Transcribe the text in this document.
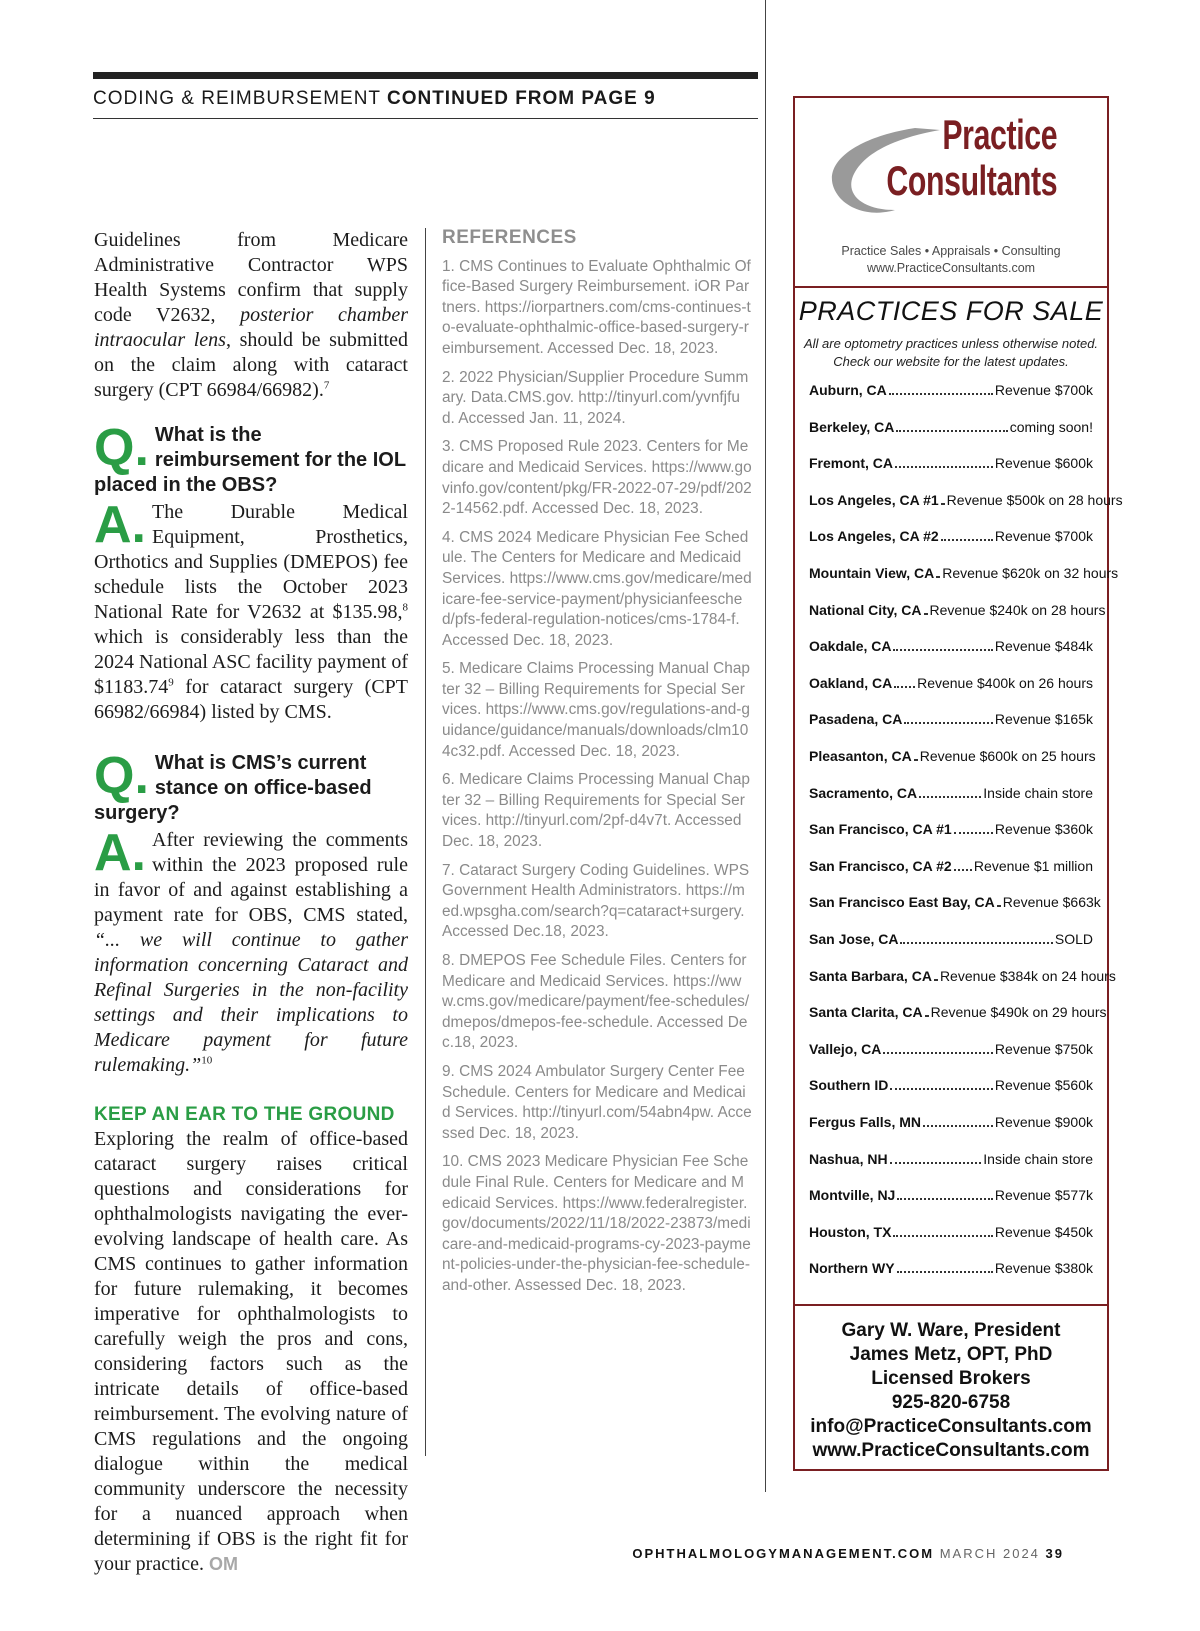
CODING & REIMBURSEMENT CONTINUED FROM PAGE 9

Guidelines from Medicare Administrative Contractor WPS Health Systems confirm that supply code V2632, posterior chamber intraocular lens, should be submitted on the claim along with cataract surgery (CPT 66984/66982).$^7$

Q. What is the reimbursement for the IOL placed in the OBS?
A. The Durable Medical Equipment, Prosthetics, Orthotics and Supplies (DMEPOS) fee schedule lists the October 2023 National Rate for V2632 at $135.98,$^8$ which is considerably less than the 2024 National ASC facility payment of $1183.74$^9$ for cataract surgery (CPT 66982/66984) listed by CMS.

Q. What is CMS’s current stance on office-based surgery?
A. After reviewing the comments within the 2023 proposed rule in favor of and against establishing a payment rate for OBS, CMS stated, “... we will continue to gather information concerning Cataract and Refinal Surgeries in the non-facility settings and their implications to Medicare payment for future rulemaking.”$^{10}$

KEEP AN EAR TO THE GROUND

Exploring the realm of office-based cataract surgery raises critical questions and considerations for ophthalmologists navigating the ever-evolving landscape of health care. As CMS continues to gather information for future rulemaking, it becomes imperative for ophthalmologists to carefully weigh the pros and cons, considering factors such as the intricate details of office-based reimbursement. The evolving nature of CMS regulations and the ongoing dialogue within the medical community underscore the necessity for a nuanced approach when determining if OBS is the right fit for your practice. OM

REFERENCES
1. CMS Continues to Evaluate Ophthalmic Office-Based Surgery Reimbursement. iOR Partners. https://iorpartners.com/cms-continues-to-evaluate-ophthalmic-office-based-surgery-reimbursement. Accessed Dec. 18, 2023.
2. 2022 Physician/Supplier Procedure Summary. Data.CMS.gov. http://tinyurl.com/yvnfjfud. Accessed Jan. 11, 2024.
3. CMS Proposed Rule 2023. Centers for Medicare and Medicaid Services. https://www.govinfo.gov/content/pkg/FR-2022-07-29/pdf/2022-14562.pdf. Accessed Dec. 18, 2023.
4. CMS 2024 Medicare Physician Fee Schedule. The Centers for Medicare and Medicaid Services. https://www.cms.gov/medicare/medicare-fee-service-payment/physicianfeesched/pfs-federal-regulation-notices/cms-1784-f. Accessed Dec. 18, 2023.
5. Medicare Claims Processing Manual Chapter 32 – Billing Requirements for Special Services. https://www.cms.gov/regulations-and-guidance/guidance/manuals/downloads/clm104c32.pdf. Accessed Dec. 18, 2023.
6. Medicare Claims Processing Manual Chapter 32 – Billing Requirements for Special Services. http://tinyurl.com/2pf-d4v7t. Accessed Dec. 18, 2023.
7. Cataract Surgery Coding Guidelines. WPS Government Health Administrators. https://med.wpsgha.com/search?q=cataract+surgery. Accessed Dec.18, 2023.
8. DMEPOS Fee Schedule Files. Centers for Medicare and Medicaid Services. https://www.cms.gov/medicare/payment/fee-schedules/dmepos/dmepos-fee-schedule. Accessed Dec.18, 2023.
9. CMS 2024 Ambulator Surgery Center Fee Schedule. Centers for Medicare and Medicaid Services. http://tinyurl.com/54abn4pw. Accessed Dec. 18, 2023.
10. CMS 2023 Medicare Physician Fee Schedule Final Rule. Centers for Medicare and Medicaid Services. https://www.federalregister.gov/documents/2022/11/18/2022-23873/medicare-and-medicaid-programs-cy-2023-payment-policies-under-the-physician-fee-schedule-and-other. Assessed Dec. 18, 2023.
Practice
Consultants
Practice Sales • Appraisals • Consulting
www.PracticeConsultants.com
PRACTICES FOR SALE
All are optometry practices unless otherwise noted.
Check our website for the latest updates.
Auburn, CA	Revenue $700k
Berkeley, CA	coming soon!
Fremont, CA	Revenue $600k
Los Angeles, CA #1 Revenue $500k on 28 hours
Los Angeles, CA #2	Revenue $700k
Mountain View, CA Revenue $620k on 32 hours
National City, CA Revenue $240k on 28 hours
Oakdale, CA	Revenue $484k
Oakland, CA Revenue $400k on 26 hours
Pasadena, CA	Revenue $165k
Pleasanton, CA Revenue $600k on 25 hours
Sacramento, CA	Inside chain store
San Francisco, CA #1	Revenue $360k
San Francisco, CA #2 Revenue $1 million
San Francisco East Bay, CA Revenue $663k
San Jose, CA	SOLD
Santa Barbara, CA Revenue $384k on 24 hours
Santa Clarita, CA Revenue $490k on 29 hours
Vallejo, CA	Revenue $750k
Southern ID	Revenue $560k
Fergus Falls, MN	Revenue $900k
Nashua, NH	Inside chain store
Montville, NJ	Revenue $577k
Houston, TX	Revenue $450k
Northern WY	Revenue $380k
Gary W. Ware, President
James Metz, OPT, PhD
Licensed Brokers
925-820-6758
info@PracticeConsultants.com
www.PracticeConsultants.com
OPHTHALMOLOGYMANAGEMENT.COM MARCH 2024 39
